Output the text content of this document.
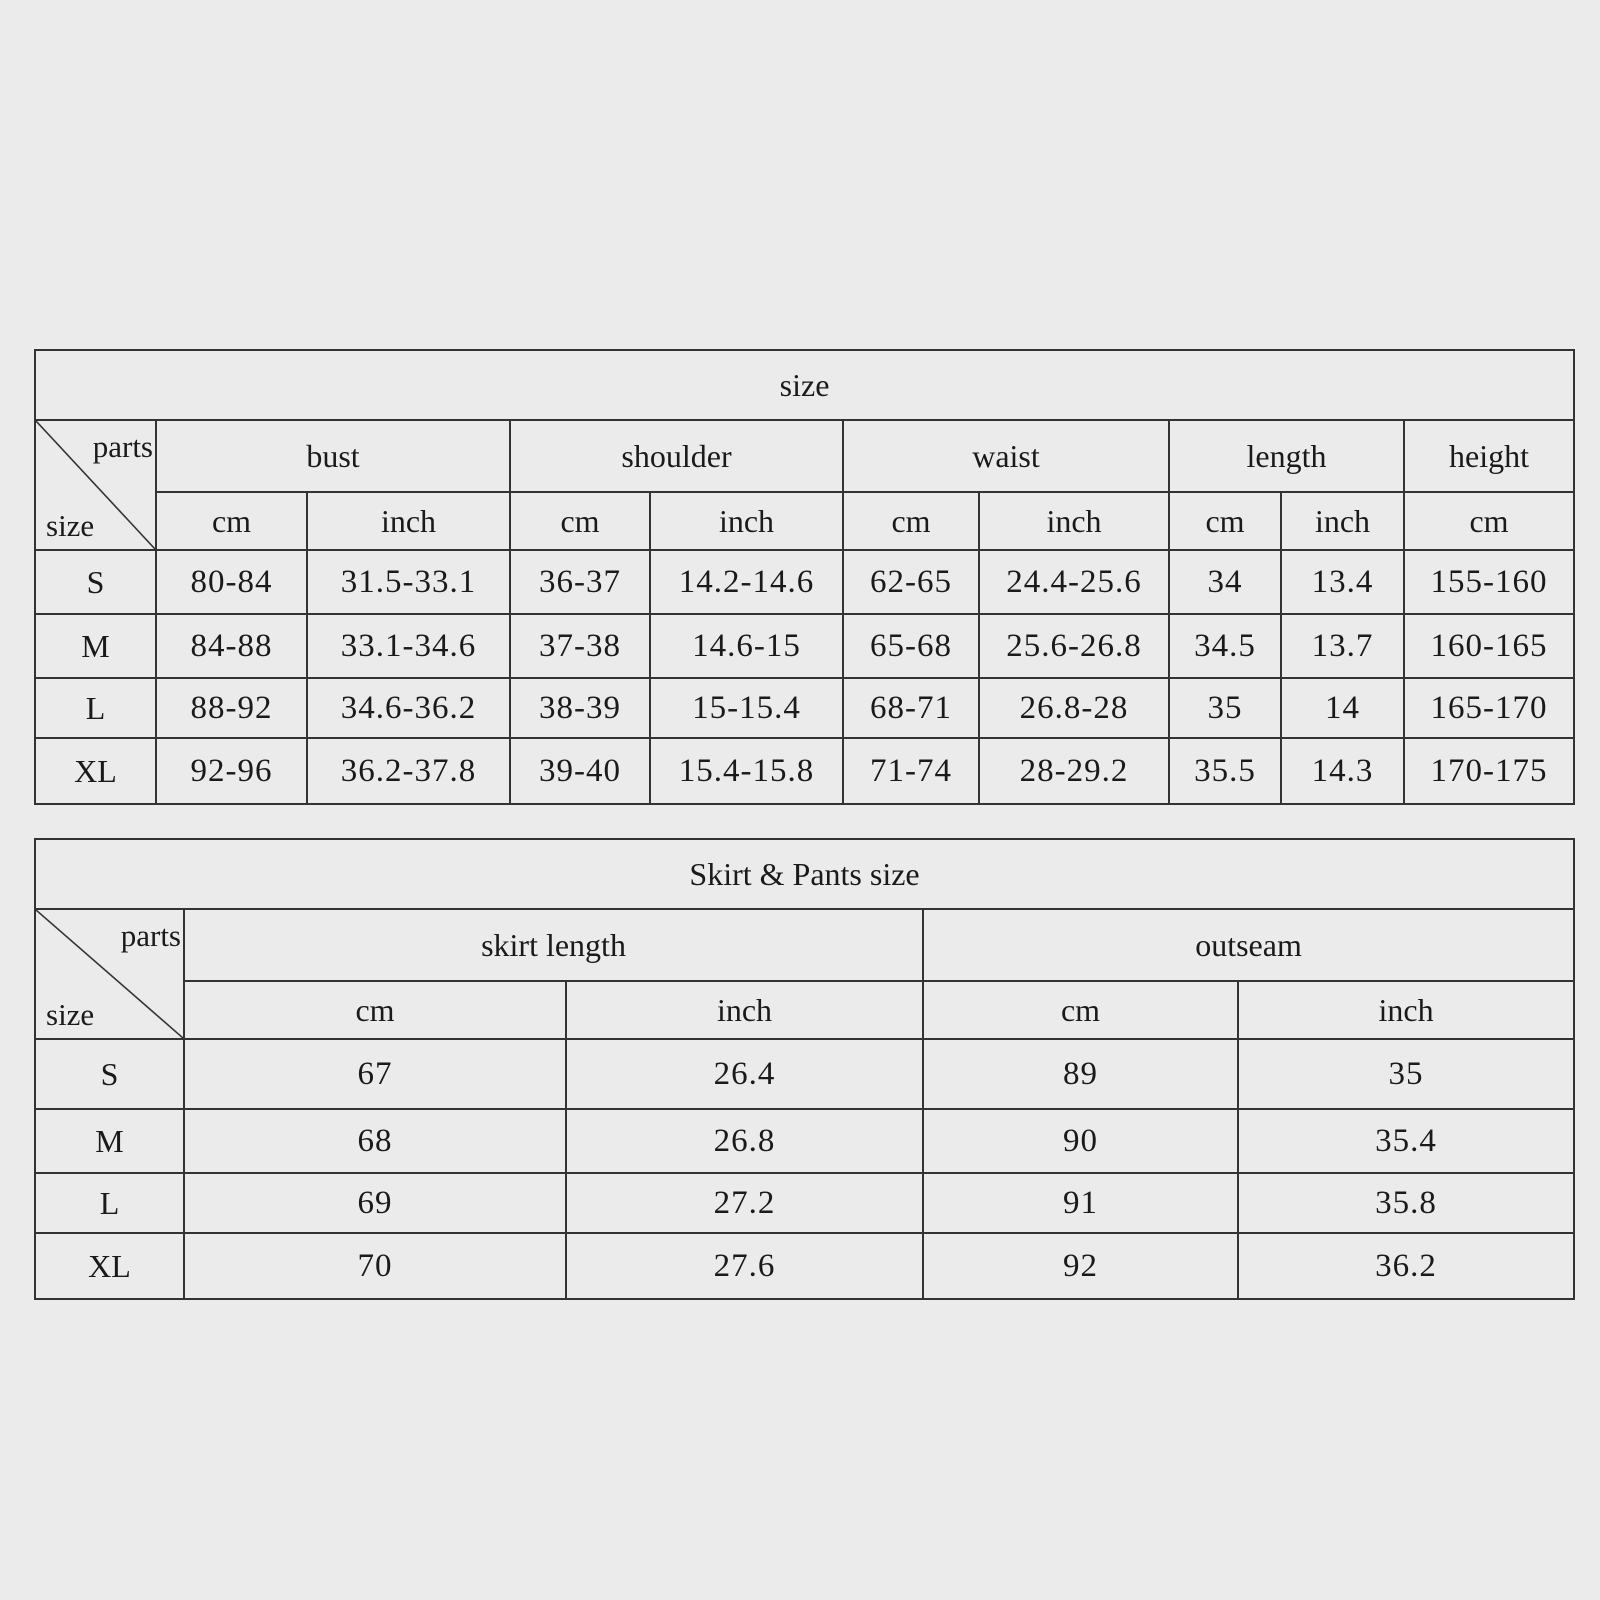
size									

parts
size	bust		shoulder		waist		length		height
	cm	inch	cm	inch	cm	inch	cm	inch	cm
S	80-84	31.5-33.1	36-37	14.2-14.6	62-65	24.4-25.6	34	13.4	155-160
M	84-88	33.1-34.6	37-38	14.6-15	65-68	25.6-26.8	34.5	13.7	160-165
L	88-92	34.6-36.2	38-39	15-15.4	68-71	26.8-28	35	14	165-170
XL	92-96	36.2-37.8	39-40	15.4-15.8	71-74	28-29.2	35.5	14.3	170-175
Skirt & Pants size				

parts
size	skirt length		outseam	
	cm	inch	cm	inch
S	67	26.4	89	35
M	68	26.8	90	35.4
L	69	27.2	91	35.8
XL	70	27.6	92	36.2
